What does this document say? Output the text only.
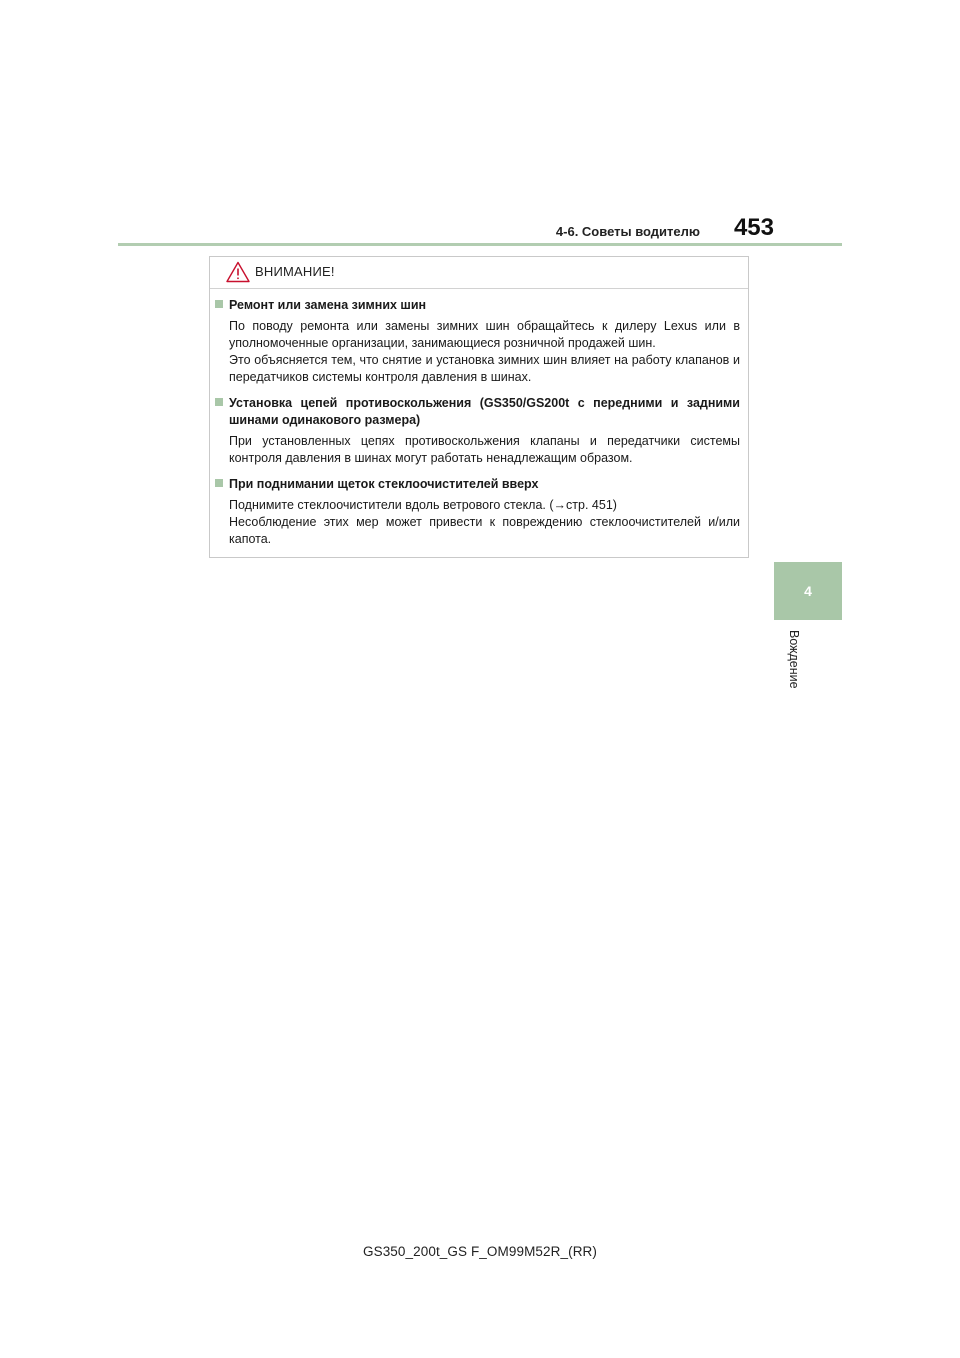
4-6. Советы водителю 453
4
Вождение
ВНИМАНИЕ!
Ремонт или замена зимних шин

По поводу ремонта или замены зимних шин обращайтесь к дилеру Lexus или в уполномоченные организации, занимающиеся розничной продажей шин.

Это объясняется тем, что снятие и установка зимних шин влияет на работу клапанов и передатчиков системы контроля давления в шинах.

Установка цепей противоскольжения (GS350/GS200t с передними и задними шинами одинакового размера)

При установленных цепях противоскольжения клапаны и передатчики системы контроля давления в шинах могут работать ненадлежащим образом.

При поднимании щеток стеклоочистителей вверх

Поднимите стеклоочистители вдоль ветрового стекла. (→стр. 451)

Несоблюдение этих мер может привести к повреждению стеклоочистителей и/или капота.

GS350_200t_GS F_OM99M52R_(RR)
